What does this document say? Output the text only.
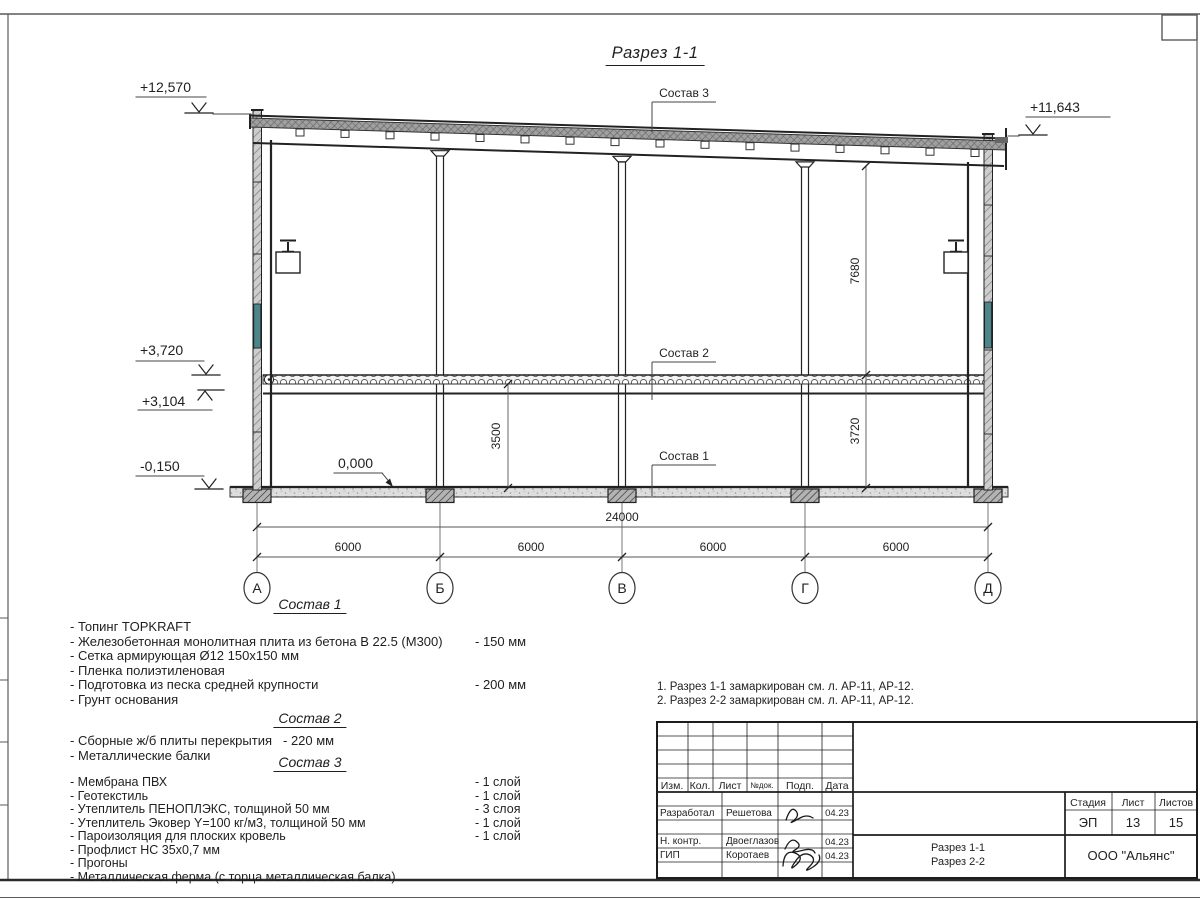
+12,570
+11,643
+3,720
+3,104
-0,150	0,000
Состав 3
Состав 2
Состав 1
3500
7680
3720
24000
6000	6000	6000	6000
А	Б	В	Г	Д
Изм. Кол. Лист №док. Подп. Дата
Разработал Решетова	04.23
Н. контр. Двоеглазов	04.23
ГИП	Коротаев	04.23
Стадия Лист Листов
ЭП 13 15
Разрез 1-1
Разрез 2-2	ООО "Альянс"
Разрез 1-1
Состав 1
- Топинг TOPKRAFT
- Железобетонная монолитная плита из бетона В 22.5 (М300) - 150 мм
- Сетка армирующая Ø12 150х150 мм
- Пленка полиэтиленовая
- Подготовка из песка средней крупности	- 200 мм
- Грунт основания
Состав 2
- Сборные ж/б плиты перекрытия - 220 мм
- Металлические балки	Состав 3
- Мембрана ПВХ	- 1 слой
- Геотекстиль	- 1 слой
- Утеплитель ПЕНОПЛЭКС, толщиной 50 мм	- 3 слоя
- Утеплитель Эковер Y=100 кг/м3, толщиной 50 мм	- 1 слой
- Пароизоляция для плоских кровель	- 1 слой
- Профлист НС 35х0,7 мм
- Прогоны
- Металлическая ферма (с торца металлическая балка)
1. Разрез 1-1 замаркирован см. л. АР-11, АР-12.
2. Разрез 2-2 замаркирован см. л. АР-11, АР-12.
